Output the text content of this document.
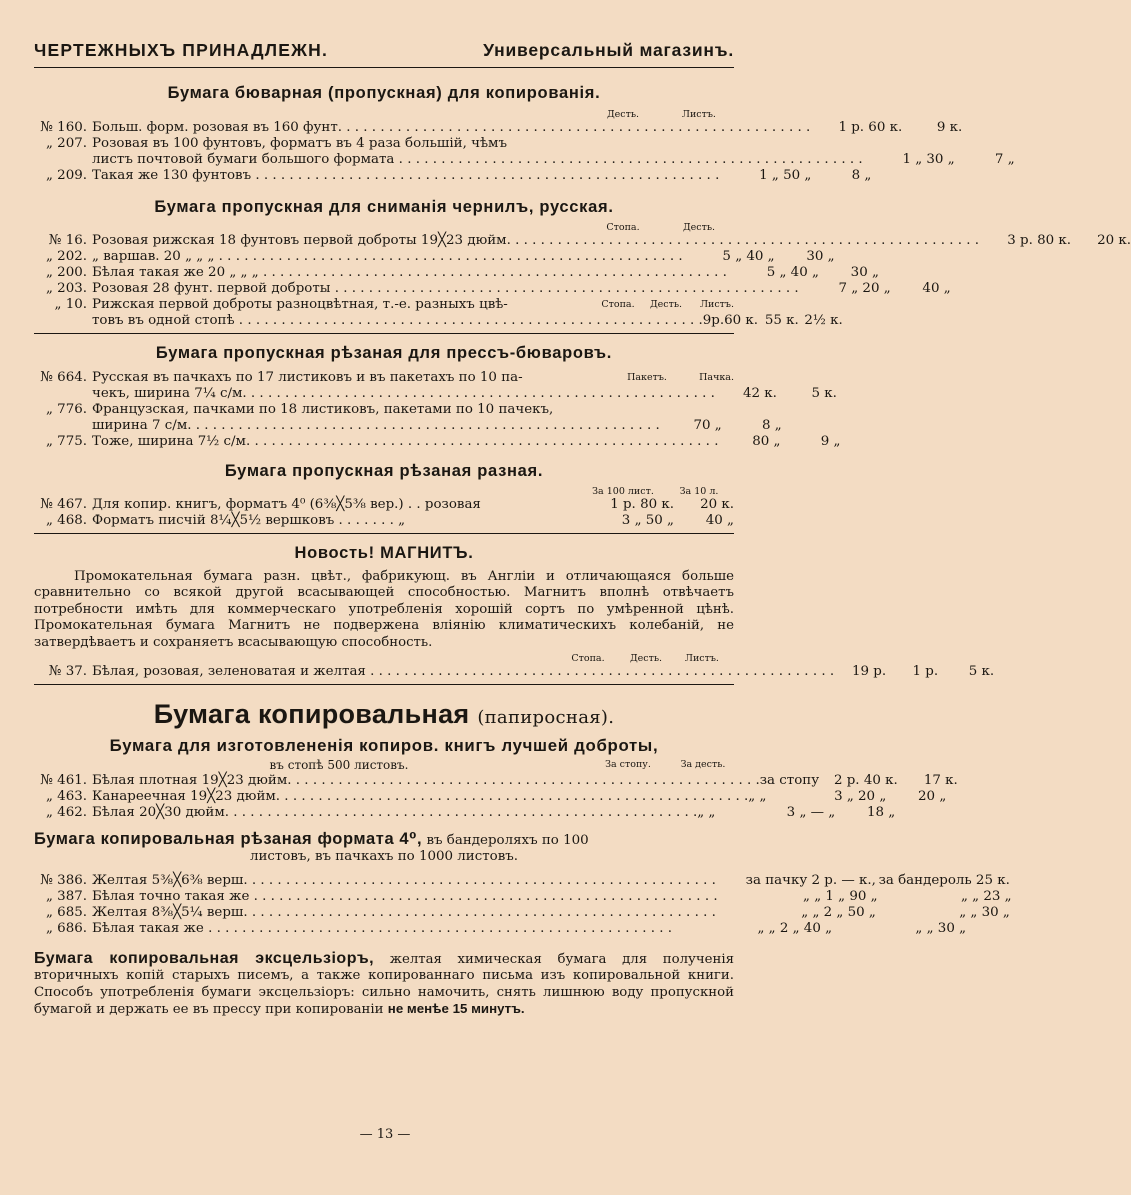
ЧЕРТЕЖНЫХЪ ПРИНАДЛЕЖН.	Универсальный магазинъ.
Бумага бюварная (пропускная) для копированія.
Десть.	Листъ.
№ 160. Больш. форм. розовая въ 160 фунт. . . .	1 р. 60 к.	9 к.
„ 207. Розовая въ 100 фунтовъ, форматъ въ 4 раза большій, чѣмъ
листъ почтовой бумаги большого формата . . .	1 „ 30 „	7 „
„ 209. Такая же 130 фунтовъ . . .	1 „ 50 „	8 „
Бумага пропускная для сниманія чернилъ, русская.
Стопа.	Десть.
№ 16. Розовая рижская 18 фунтовъ первой доброты 19╳23 дюйм. . . .	3 р. 80 к.	20 к.
„ 202. „ варшав. 20 „ „ „ . . .	5 „ 40 „	30 „
„ 200. Бѣлая такая же 20 „ „ „ . . .	5 „ 40 „	30 „
„ 203. Розовая 28 фунт. первой доброты . . .	7 „ 20 „	40 „
„ 10. Рижская первой доброты разноцвѣтная, т.-е. разныхъ цвѣ-	Стопа.	Десть.	Листъ.
товъ въ одной стопѣ . . .	9р.60 к. 55 к. 2½ к.
Бумага пропускная рѣзаная для прессъ-бюваровъ.
№ 664. Русская въ пачкахъ по 17 листиковъ и въ пакетахъ по 10 па-	Пакетъ.	Пачка.
чекъ, ширина 7¼ с/м. . . .	42 к.	5 к.
„ 776. Французская, пачками по 18 листиковъ, пакетами по 10 пачекъ,
ширина 7 с/м. . . .	70 „	8 „
„ 775. Тоже, ширина 7½ с/м. . . .	80 „	9 „
Бумага пропускная рѣзаная разная.
За 100 лист.	За 10 л.
№ 467. Для копир. книгъ, форматъ 4⁰ (6⅜╳5⅜ вер.) . . розовая	1 р. 80 к.	20 к.
„ 468. Форматъ писчій 8¼╳5½ вершковъ . . . . . . . „	3 „ 50 „	40 „
Новость! МАГНИТЪ.

Промокательная бумага разн. цвѣт., фабрикующ. въ Англіи и отличающаяся больше сравнительно со всякой другой всасывающей способностью. Магнитъ вполнѣ отвѣчаетъ потребности имѣть для коммерческаго употребленія хорошій сортъ по умѣренной цѣнѣ. Промокательная бумага Магнитъ не подвержена вліянію климатическихъ колебаній, не затвердѣваетъ и сохраняетъ всасывающую способность.

Стопа.	Десть.	Листъ.
№ 37. Бѣлая, розовая, зеленоватая и желтая . . .	19 р.	1 р.	5 к.
Бумага копировальная (папиросная).
Бумага для изготовлененія копиров. книгъ лучшей доброты,
въ стопѣ 500 листовъ.	За стопу.	За десть.
№ 461. Бѣлая плотная 19╳23 дюйм. . . .	за стопу	2 р. 40 к.	17 к.
„ 463. Канареечная 19╳23 дюйм. . . .	„ „	3 „ 20 „	20 „
„ 462. Бѣлая 20╳30 дюйм. . . .	„ „	3 „ — „	18 „
Бумага копировальная рѣзаная формата 4⁰, въ бандероляхъ по 100
листовъ, въ пачкахъ по 1000 листовъ.
№ 386. Желтая 5⅜╳6⅜ верш. . . .	за пачку 2 р. — к., за бандероль 25 к.
„ 387. Бѣлая точно такая же . . .	„ „ 1 „ 90 „	„ „ 23 „
„ 685. Желтая 8⅜╳5¼ верш. . . .	„ „ 2 „ 50 „	„ „ 30 „
„ 686. Бѣлая такая же . . .	„ „ 2 „ 40 „	„ „ 30 „

Бумага копировальная эксцельзіоръ, желтая химическая бумага для полученія вторичныхъ копій старыхъ писемъ, а также копированнаго письма изъ копировальной книги. Способъ употребленія бумаги эксцельзіоръ: сильно намочить, снять лишнюю воду пропускной бумагой и держать ее въ прессу при копированіи не менѣе 15 минутъ.

— 13 —
